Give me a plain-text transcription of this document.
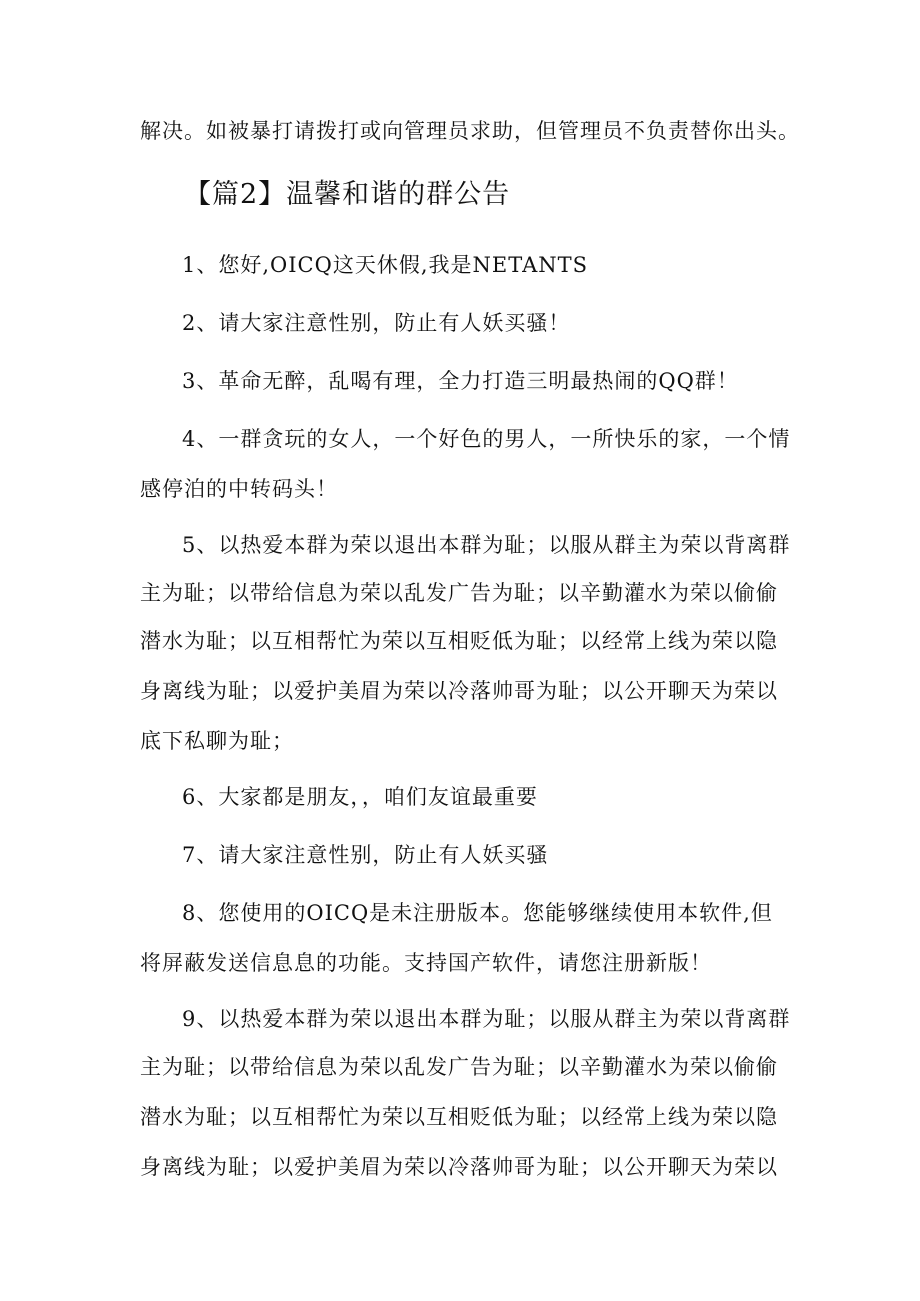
解决。如被暴打请拨打或向管理员求助，但管理员不负责替你出头。
【篇2】温馨和谐的群公告
1、您好,OICQ这天休假,我是NETANTS
2、请大家注意性别，防止有人妖买骚！
3、革命无醉，乱喝有理，全力打造三明最热闹的QQ群！
4、一群贪玩的女人，一个好色的男人，一所快乐的家，一个情
感停泊的中转码头！
5、以热爱本群为荣以退出本群为耻；以服从群主为荣以背离群
主为耻；以带给信息为荣以乱发广告为耻；以辛勤灌水为荣以偷偷
潜水为耻；以互相帮忙为荣以互相贬低为耻；以经常上线为荣以隐
身离线为耻；以爱护美眉为荣以冷落帅哥为耻；以公开聊天为荣以
底下私聊为耻；
6、大家都是朋友，，咱们友谊最重要
7、请大家注意性别，防止有人妖买骚
8、您使用的OICQ是未注册版本。您能够继续使用本软件,但
将屏蔽发送信息息的功能。支持国产软件，请您注册新版！
9、以热爱本群为荣以退出本群为耻；以服从群主为荣以背离群
主为耻；以带给信息为荣以乱发广告为耻；以辛勤灌水为荣以偷偷
潜水为耻；以互相帮忙为荣以互相贬低为耻；以经常上线为荣以隐
身离线为耻；以爱护美眉为荣以冷落帅哥为耻；以公开聊天为荣以
